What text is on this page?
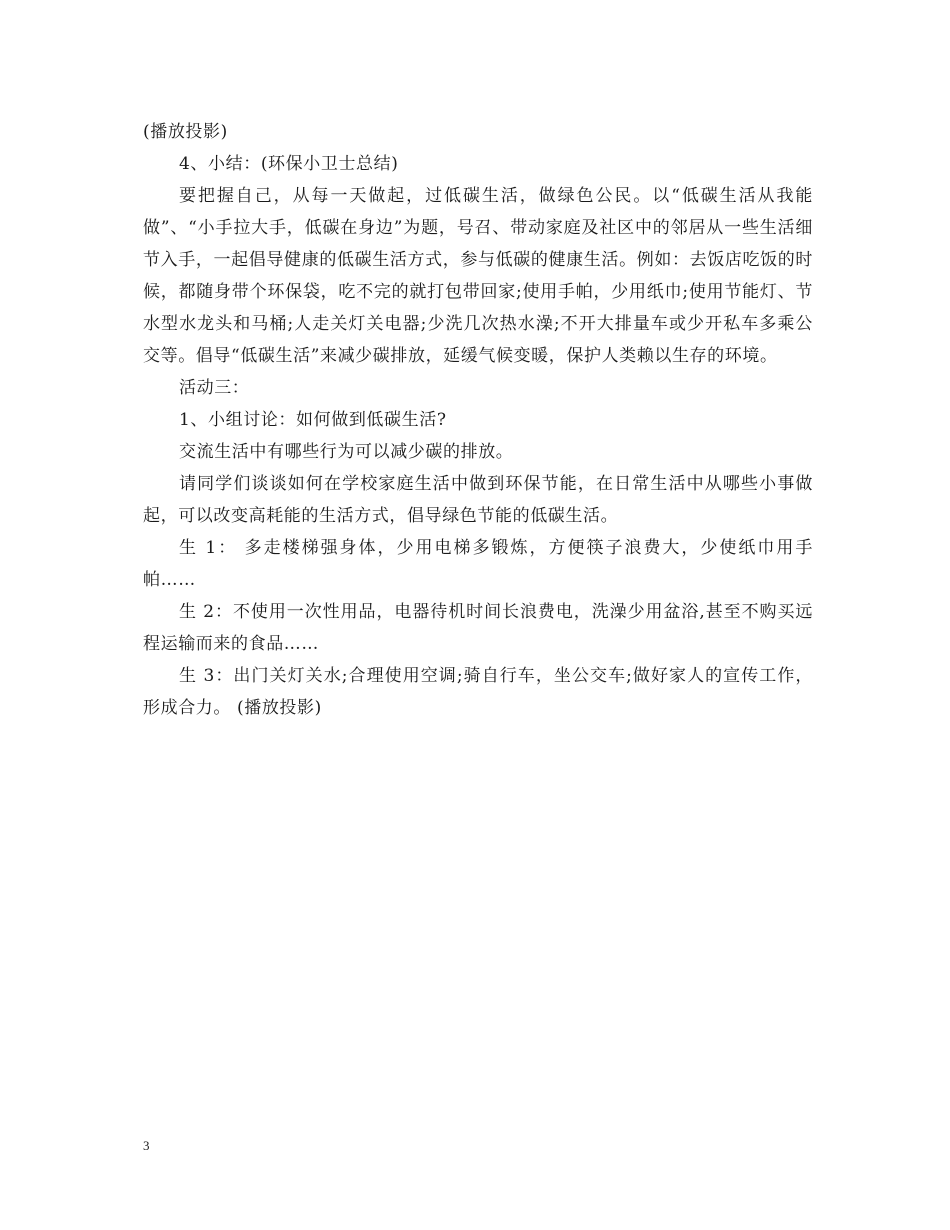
(播放投影)

4、小结：(环保小卫士总结)

要把握自己，从每一天做起，过低碳生活，做绿色公民。以“低碳生活从我能做”、“小手拉大手，低碳在身边”为题，号召、带动家庭及社区中的邻居从一些生活细节入手，一起倡导健康的低碳生活方式，参与低碳的健康生活。例如：去饭店吃饭的时候，都随身带个环保袋，吃不完的就打包带回家;使用手帕，少用纸巾;使用节能灯、节水型水龙头和马桶;人走关灯关电器;少洗几次热水澡;不开大排量车或少开私车多乘公交等。倡导“低碳生活”来减少碳排放，延缓气候变暖，保护人类赖以生存的环境。

活动三：

1、小组讨论：如何做到低碳生活?

交流生活中有哪些行为可以减少碳的排放。

请同学们谈谈如何在学校家庭生活中做到环保节能，在日常生活中从哪些小事做起，可以改变高耗能的生活方式，倡导绿色节能的低碳生活。

生 1： 多走楼梯强身体，少用电梯多锻炼，方便筷子浪费大，少使纸巾用手帕……

生 2：不使用一次性用品，电器待机时间长浪费电，洗澡少用盆浴,甚至不购买远程运输而来的食品……

生 3：出门关灯关水;合理使用空调;骑自行车，坐公交车;做好家人的宣传工作，形成合力。 (播放投影)

3
